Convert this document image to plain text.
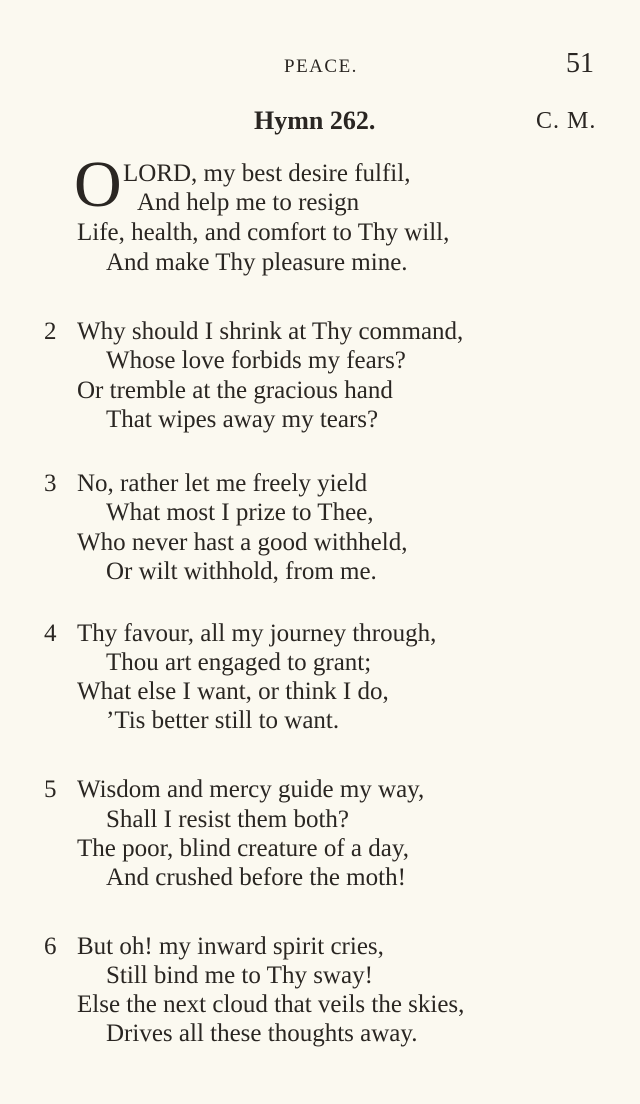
PEACE.	51
Hymn 262.	C. M.
O LORD, my best desire fulfil,
And help me to resign
Life, health, and comfort to Thy will,
And make Thy pleasure mine.
2 Why should I shrink at Thy command,
Whose love forbids my fears?
Or tremble at the gracious hand
That wipes away my tears?
3 No, rather let me freely yield
What most I prize to Thee,
Who never hast a good withheld,
Or wilt withhold, from me.
4 Thy favour, all my journey through,
Thou art engaged to grant;
What else I want, or think I do,
’Tis better still to want.
5 Wisdom and mercy guide my way,
Shall I resist them both?
The poor, blind creature of a day,
And crushed before the moth!
6 But oh! my inward spirit cries,
Still bind me to Thy sway!
Else the next cloud that veils the skies,
Drives all these thoughts away.
